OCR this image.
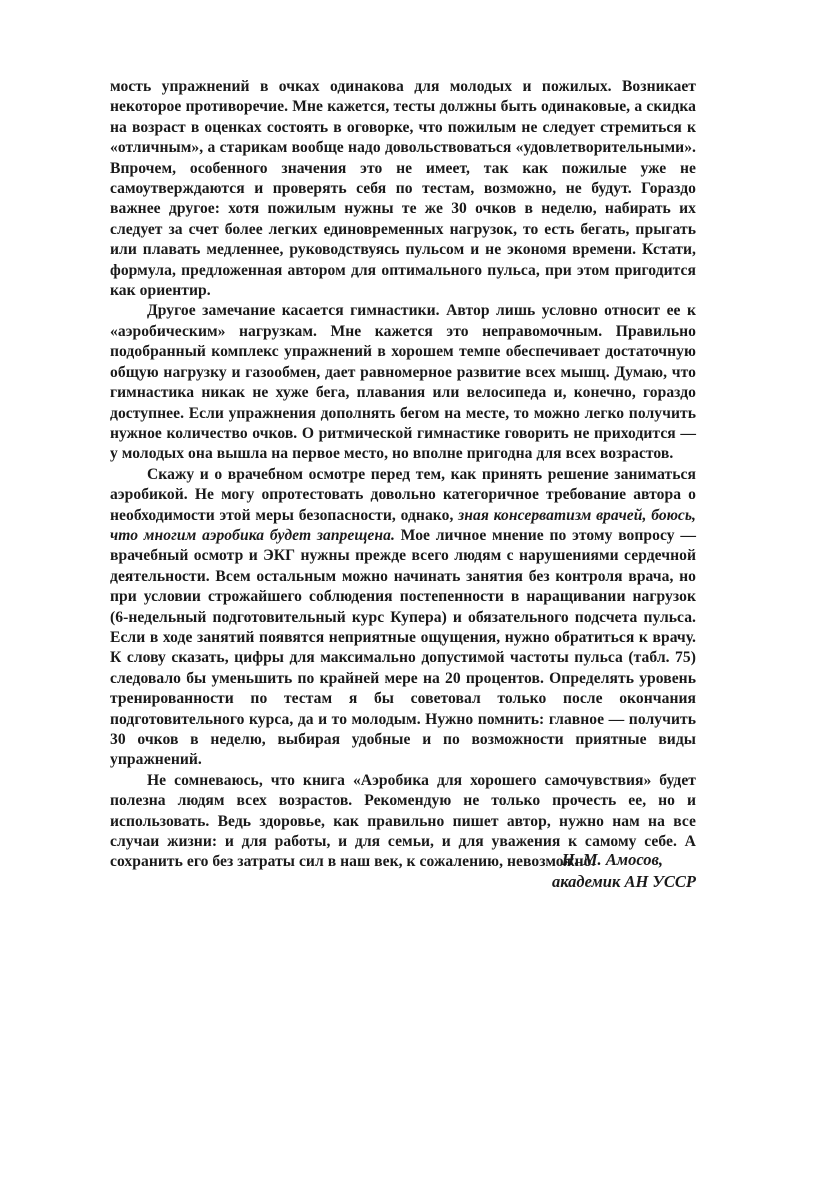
мость упражнений в очках одинакова для молодых и пожилых. Возникает некоторое противоречие. Мне кажется, тесты должны быть одинаковые, а скидка на возраст в оценках состоять в оговорке, что пожилым не следует стремиться к «отличным», а старикам вообще надо довольствоваться «удовлетворительными». Впрочем, особенного значения это не имеет, так как пожилые уже не самоутверждаются и проверять себя по тестам, возможно, не будут. Гораздо важнее другое: хотя пожилым нужны те же 30 очков в неделю, набирать их следует за счет более легких единовременных нагрузок, то есть бегать, прыгать или плавать медленнее, руководствуясь пульсом и не экономя времени. Кстати, формула, предложенная автором для оптимального пульса, при этом пригодится как ориентир.

Другое замечание касается гимнастики. Автор лишь условно относит ее к «аэробическим» нагрузкам. Мне кажется это неправомочным. Правильно подобранный комплекс упражнений в хорошем темпе обеспечивает достаточную общую нагрузку и газообмен, дает равномерное развитие всех мышц. Думаю, что гимнастика никак не хуже бега, плавания или велосипеда и, конечно, гораздо доступнее. Если упражнения дополнять бегом на месте, то можно легко получить нужное количество очков. О ритмической гимнастике говорить не приходится — у молодых она вышла на первое место, но вполне пригодна для всех возрастов.

Скажу и о врачебном осмотре перед тем, как принять решение заниматься аэробикой. Не могу опротестовать довольно категоричное требование автора о необходимости этой меры безопасности, однако, зная консерватизм врачей, боюсь, что многим аэробика будет запрещена. Мое личное мнение по этому вопросу — врачебный осмотр и ЭКГ нужны прежде всего людям с нарушениями сердечной деятельности. Всем остальным можно начинать занятия без контроля врача, но при условии строжайшего соблюдения постепенности в наращивании нагрузок (6-недельный подготовительный курс Купера) и обязательного подсчета пульса. Если в ходе занятий появятся неприятные ощущения, нужно обратиться к врачу. К слову сказать, цифры для максимально допустимой частоты пульса (табл. 75) следовало бы уменьшить по крайней мере на 20 процентов. Определять уровень тренированности по тестам я бы советовал только после окончания подготовительного курса, да и то молодым. Нужно помнить: главное — получить 30 очков в неделю, выбирая удобные и по возможности приятные виды упражнений.

Не сомневаюсь, что книга «Аэробика для хорошего самочувствия» будет полезна людям всех возрастов. Рекомендую не только прочесть ее, но и использовать. Ведь здоровье, как правильно пишет автор, нужно нам на все случаи жизни: и для работы, и для семьи, и для уважения к самому себе. А сохранить его без затраты сил в наш век, к сожалению, невозможно.

Н. М. Амосов,
академик АН УССР
